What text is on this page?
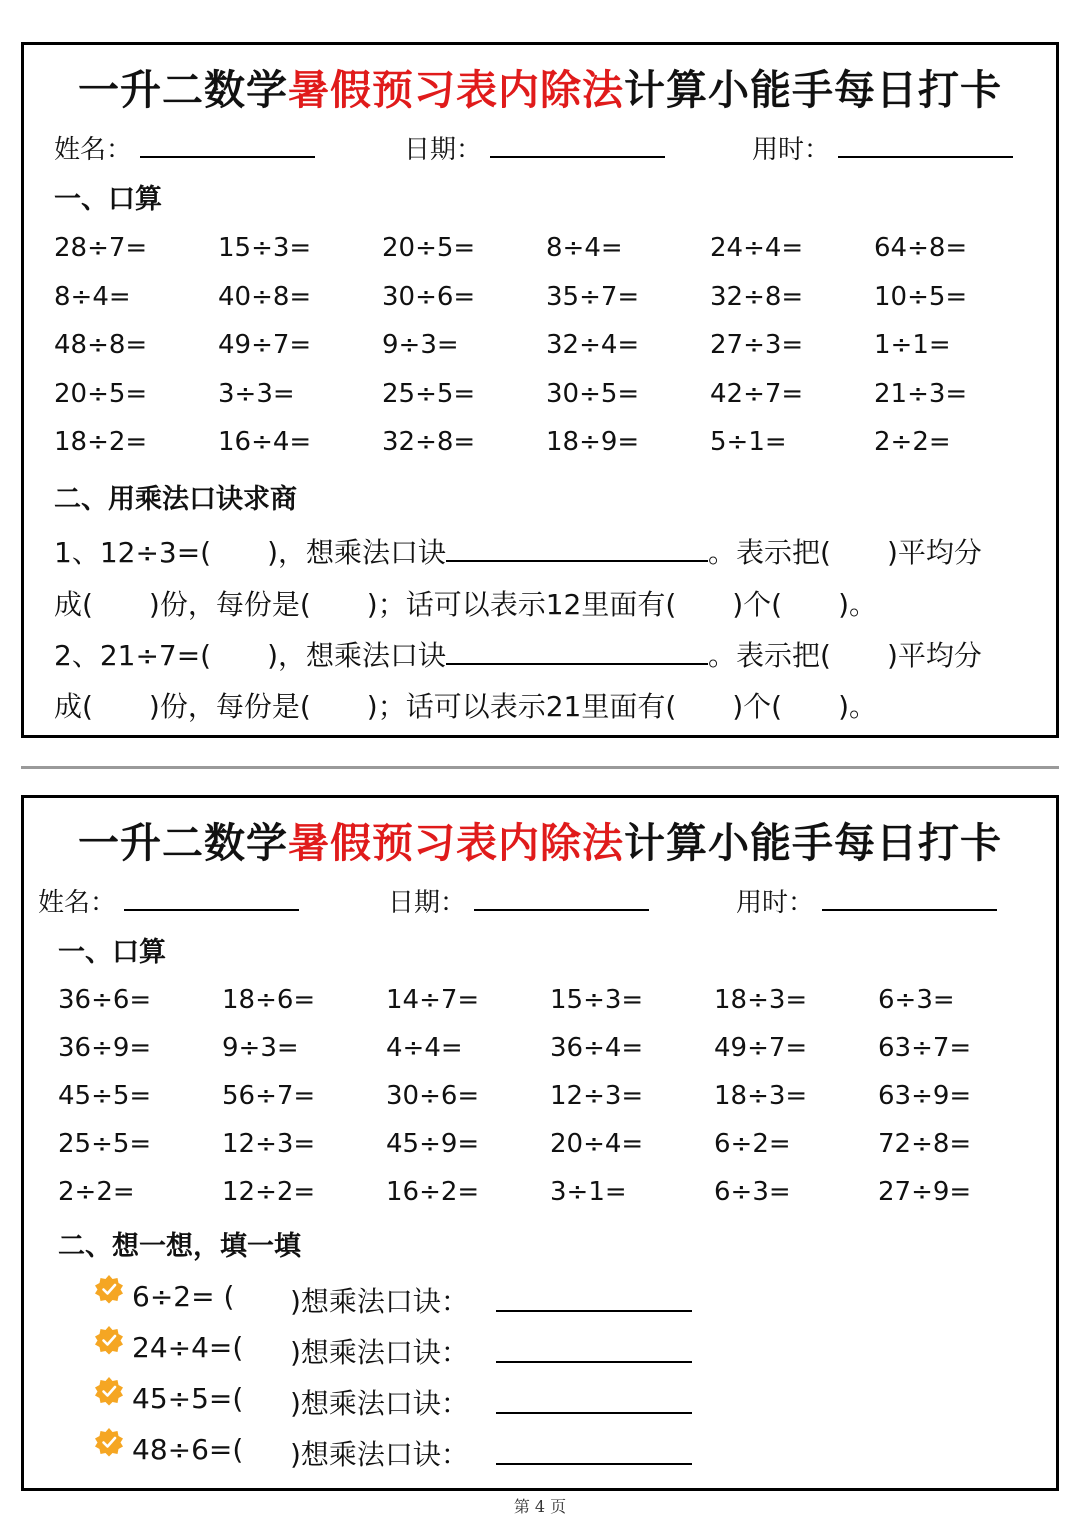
一升二数学暑假预习表内除法计算小能手每日打卡
姓名：	日期：	用时：
一、口算
28÷7=	15÷3=	20÷5=	8÷4=	24÷4=	64÷8=
8÷4=	40÷8=	30÷6=	35÷7=	32÷8=	10÷5=
48÷8=	49÷7=	9÷3=	32÷4=	27÷3=	1÷1=
20÷5=	3÷3=	25÷5=	30÷5=	42÷7=	21÷3=
18÷2=	16÷4=	32÷8=	18÷9=	5÷1=	2÷2=
二、用乘法口诀求商
1、12÷3=(　　)，想乘法口诀	。表示把(　　)平均分
成(　　)份，每份是(　　)；话可以表示12里面有(　　)个(　　)。
2、21÷7=(　　)，想乘法口诀	。表示把(　　)平均分
成(　　)份，每份是(　　)；话可以表示21里面有(　　)个(　　)。
一升二数学暑假预习表内除法计算小能手每日打卡
姓名：	日期：	用时：
一、口算
36÷6=	18÷6=	14÷7=	15÷3=	18÷3=	6÷3=
36÷9=	9÷3=	4÷4=	36÷4=	49÷7=	63÷7=
45÷5=	56÷7=	30÷6=	12÷3=	18÷3=	63÷9=
25÷5=	12÷3=	45÷9=	20÷4=	6÷2=	72÷8=
2÷2=	12÷2=	16÷2=	3÷1=	6÷3=	27÷9=
二、想一想，填一填
6÷2= ( )想乘法口诀：
24÷4=( )想乘法口诀：
45÷5=( )想乘法口诀：
48÷6=( )想乘法口诀：
第 4 页
